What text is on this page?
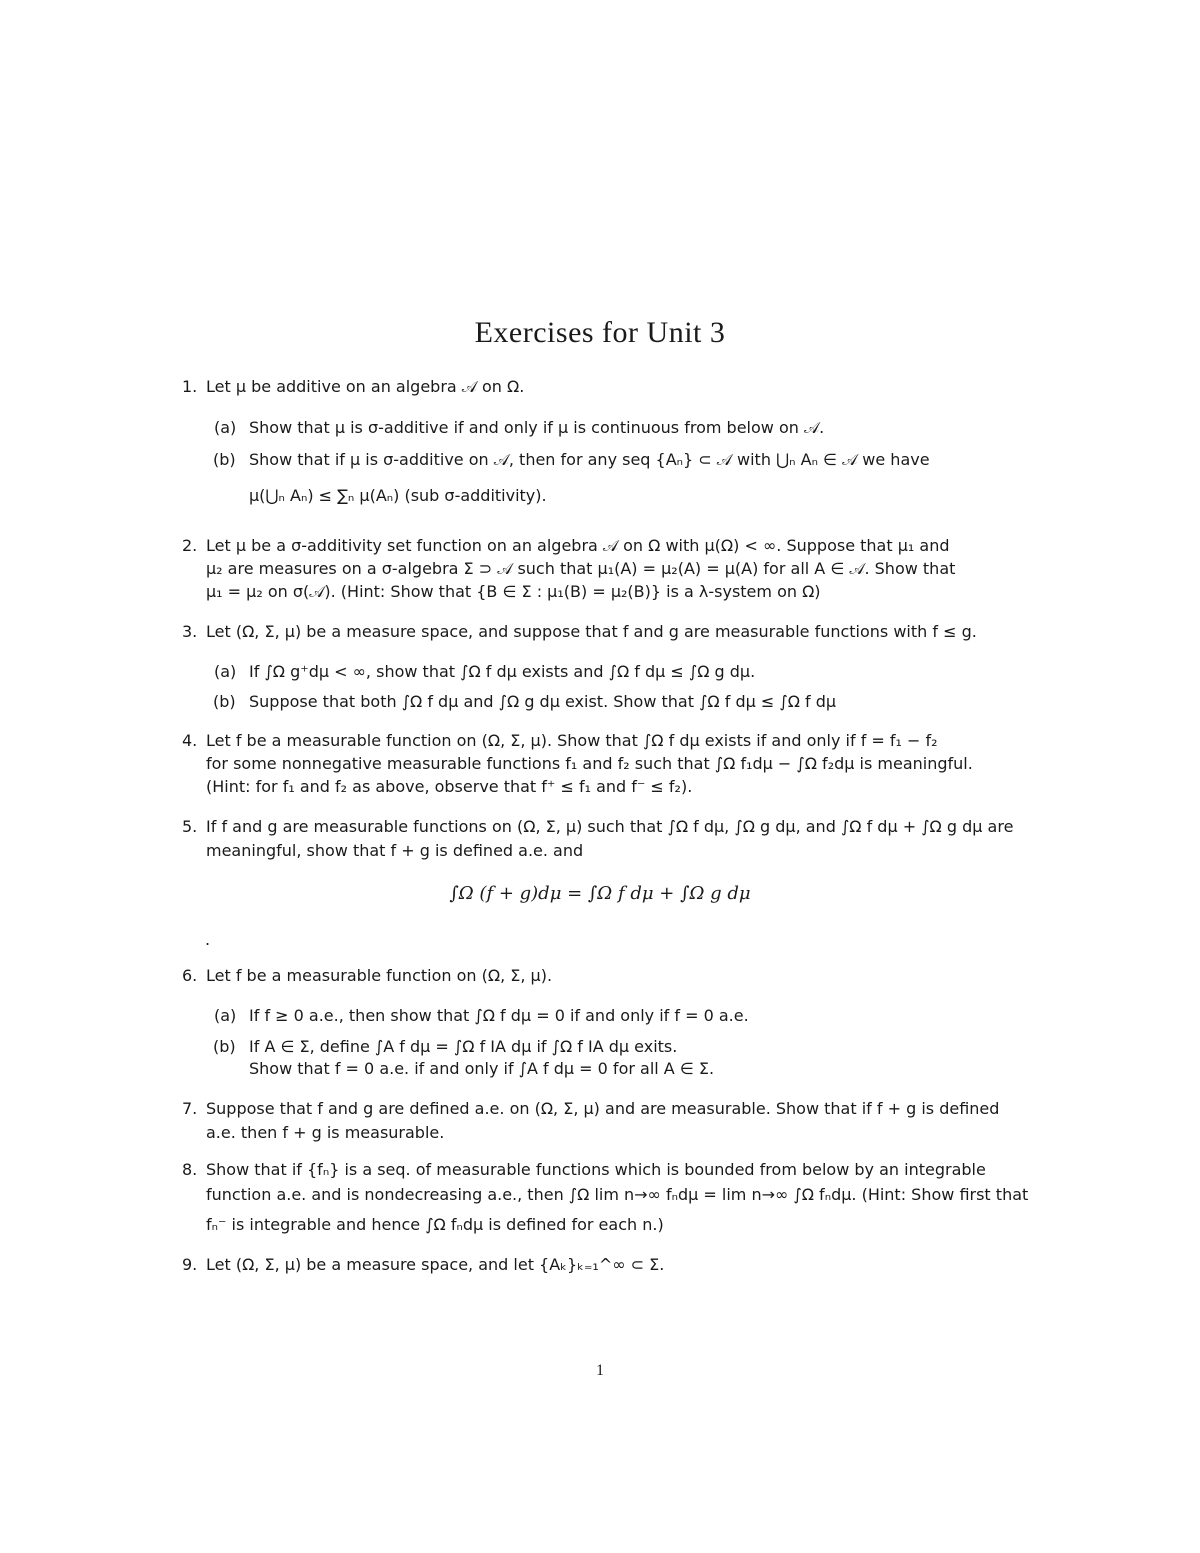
Exercises for Unit 3
1. Let μ be additive on an algebra 𝒜 on Ω.
(a) Show that μ is σ-additive if and only if μ is continuous from below on 𝒜.
(b) Show that if μ is σ-additive on 𝒜, then for any seq {Aₙ} ⊂ 𝒜 with ⋃ₙ Aₙ ∈ 𝒜 we have
μ(⋃ₙ Aₙ) ≤ ∑ₙ μ(Aₙ) (sub σ-additivity).
2. Let μ be a σ-additivity set function on an algebra 𝒜 on Ω with μ(Ω) < ∞. Suppose that μ₁ and
μ₂ are measures on a σ-algebra Σ ⊃ 𝒜 such that μ₁(A) = μ₂(A) = μ(A) for all A ∈ 𝒜. Show that
μ₁ = μ₂ on σ(𝒜). (Hint: Show that {B ∈ Σ : μ₁(B) = μ₂(B)} is a λ-system on Ω)
3. Let (Ω, Σ, μ) be a measure space, and suppose that f and g are measurable functions with f ≤ g.
(a) If ∫Ω g⁺dμ < ∞, show that ∫Ω f dμ exists and ∫Ω f dμ ≤ ∫Ω g dμ.
(b) Suppose that both ∫Ω f dμ and ∫Ω g dμ exist. Show that ∫Ω f dμ ≤ ∫Ω f dμ
4. Let f be a measurable function on (Ω, Σ, μ). Show that ∫Ω f dμ exists if and only if f = f₁ − f₂
for some nonnegative measurable functions f₁ and f₂ such that ∫Ω f₁dμ − ∫Ω f₂dμ is meaningful.
(Hint: for f₁ and f₂ as above, observe that f⁺ ≤ f₁ and f⁻ ≤ f₂).
5. If f and g are measurable functions on (Ω, Σ, μ) such that ∫Ω f dμ, ∫Ω g dμ, and ∫Ω f dμ + ∫Ω g dμ are
meaningful, show that f + g is defined a.e. and
∫Ω (f + g)dμ = ∫Ω f dμ + ∫Ω g dμ
.
6. Let f be a measurable function on (Ω, Σ, μ).
(a) If f ≥ 0 a.e., then show that ∫Ω f dμ = 0 if and only if f = 0 a.e.
(b) If A ∈ Σ, define ∫A f dμ = ∫Ω f IA dμ if ∫Ω f IA dμ exits.
Show that f = 0 a.e. if and only if ∫A f dμ = 0 for all A ∈ Σ.
7. Suppose that f and g are defined a.e. on (Ω, Σ, μ) and are measurable. Show that if f + g is defined
a.e. then f + g is measurable.
8. Show that if {fₙ} is a seq. of measurable functions which is bounded from below by an integrable
function a.e. and is nondecreasing a.e., then ∫Ω lim n→∞ fₙdμ = lim n→∞ ∫Ω fₙdμ. (Hint: Show first that
fₙ⁻ is integrable and hence ∫Ω fₙdμ is defined for each n.)
9. Let (Ω, Σ, μ) be a measure space, and let {Aₖ}ₖ₌₁^∞ ⊂ Σ.
1
